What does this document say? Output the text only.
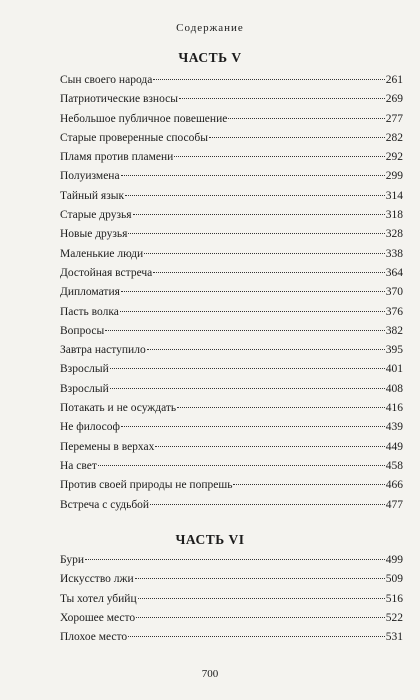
Содержание
ЧАСТЬ V
Сын своего народа	261
Патриотические взносы	269
Небольшое публичное повешение	277
Старые проверенные способы	282
Пламя против пламени	292
Полуизмена	299
Тайный язык	314
Старые друзья	318
Новые друзья	328
Маленькие люди	338
Достойная встреча	364
Дипломатия	370
Пасть волка	376
Вопросы	382
Завтра наступило	395
Взрослый	401
Взрослый	408
Потакать и не осуждать	416
Не философ	439
Перемены в верхах	449
На свет	458
Против своей природы не попрешь	466
Встреча с судьбой	477
ЧАСТЬ VI
Бури	499
Искусство лжи	509
Ты хотел убийц	516
Хорошее место	522
Плохое место	531
700
